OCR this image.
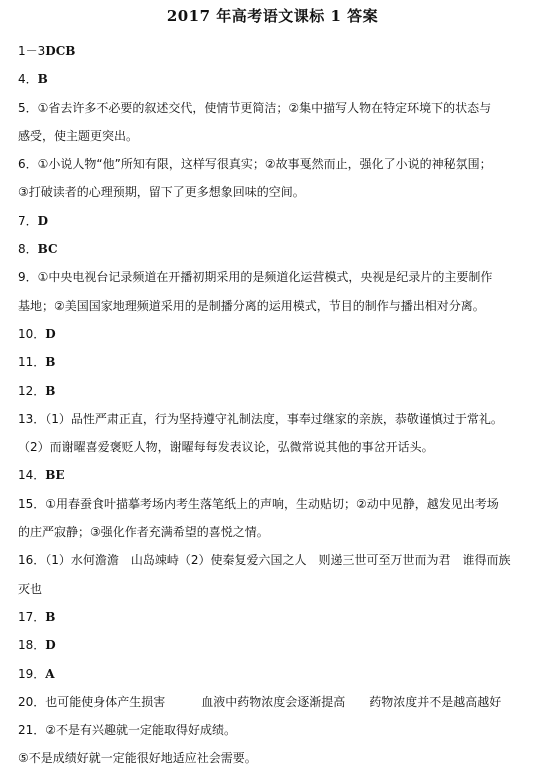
2017 年高考语文课标 1 答案
1－3DCB
4．B
5．①省去许多不必要的叙述交代，使情节更简洁；②集中描写人物在特定环境下的状态与
感受，使主题更突出。
6．①小说人物“他”所知有限，这样写很真实；②故事戛然而止，强化了小说的神秘氛围；
③打破读者的心理预期，留下了更多想象回味的空间。
7．D
8．BC
9．①中央电视台记录频道在开播初期采用的是频道化运营模式，央视是纪录片的主要制作
基地；②美国国家地理频道采用的是制播分离的运用模式，节目的制作与播出相对分离。
10．D
11．B
12．B
13．（1）品性严肃正直，行为坚持遵守礼制法度，事奉过继家的亲族，恭敬谨慎过于常礼。
（2）而谢曜喜爱褒贬人物，谢曜每每发表议论，弘微常说其他的事岔开话头。
14．BE
15．①用春蚕食叶描摹考场内考生落笔纸上的声响，生动贴切；②动中见静，越发见出考场
的庄严寂静；③强化作者充满希望的喜悦之情。
16．（1）水何澹澹　山岛竦峙（2）使秦复爱六国之人　则递三世可至万世而为君　谁得而族
灭也
17．B
18．D
19．A
20．也可能使身体产生损害　　　血液中药物浓度会逐渐提高　　药物浓度并不是越高越好
21．②不是有兴趣就一定能取得好成绩。
⑤不是成绩好就一定能很好地适应社会需要。
